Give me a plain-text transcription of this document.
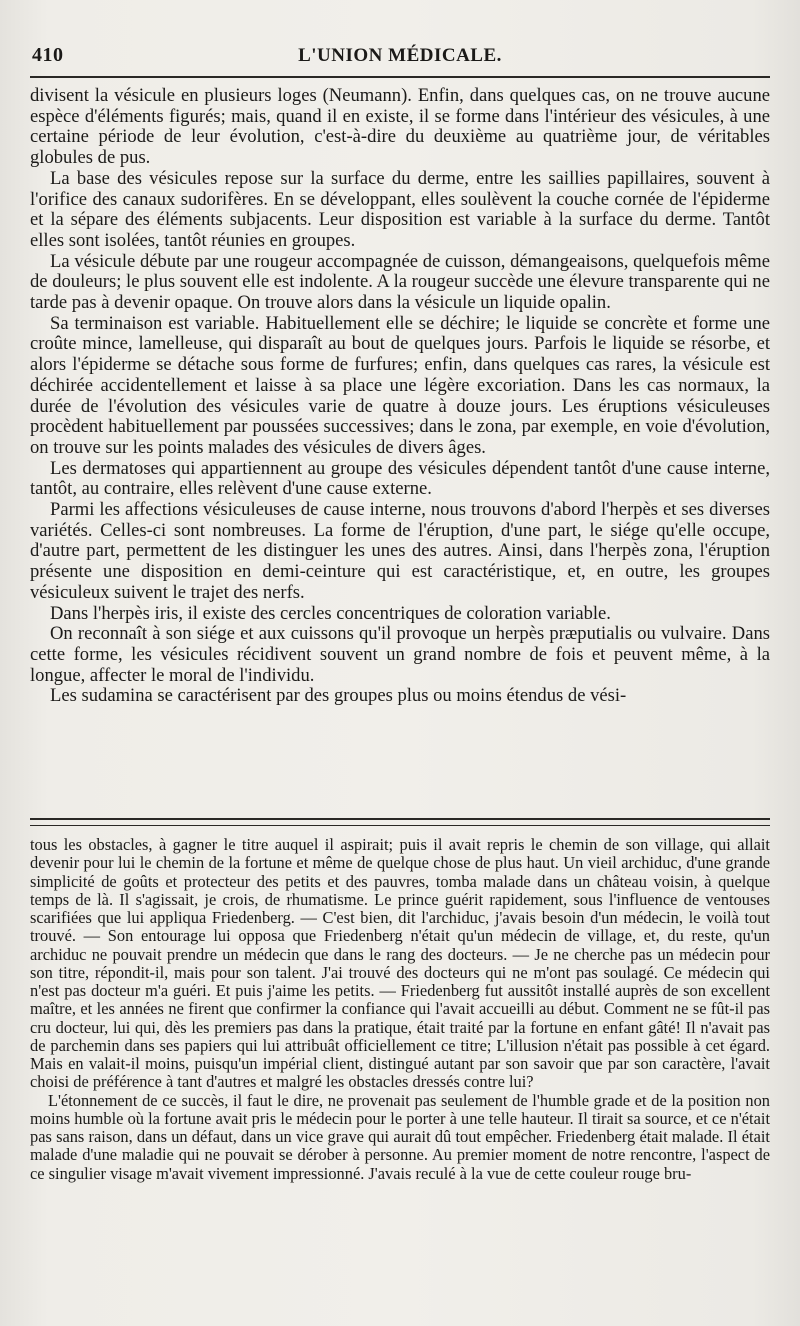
410	L'UNION MÉDICALE.

divisent la vésicule en plusieurs loges (Neumann). Enfin, dans quelques cas, on ne trouve aucune espèce d'éléments figurés; mais, quand il en existe, il se forme dans l'intérieur des vésicules, à une certaine période de leur évolution, c'est-à-dire du deuxième au quatrième jour, de véritables globules de pus.

La base des vésicules repose sur la surface du derme, entre les saillies papillaires, souvent à l'orifice des canaux sudorifères. En se développant, elles soulèvent la couche cornée de l'épiderme et la sépare des éléments subjacents. Leur disposition est variable à la surface du derme. Tantôt elles sont isolées, tantôt réunies en groupes.

La vésicule débute par une rougeur accompagnée de cuisson, démangeaisons, quelquefois même de douleurs; le plus souvent elle est indolente. A la rougeur succède une élevure transparente qui ne tarde pas à devenir opaque. On trouve alors dans la vésicule un liquide opalin.

Sa terminaison est variable. Habituellement elle se déchire; le liquide se concrète et forme une croûte mince, lamelleuse, qui disparaît au bout de quelques jours. Parfois le liquide se résorbe, et alors l'épiderme se détache sous forme de furfures; enfin, dans quelques cas rares, la vésicule est déchirée accidentellement et laisse à sa place une légère excoriation. Dans les cas normaux, la durée de l'évolution des vésicules varie de quatre à douze jours. Les éruptions vésiculeuses procèdent habituellement par poussées successives; dans le zona, par exemple, en voie d'évolution, on trouve sur les points malades des vésicules de divers âges.

Les dermatoses qui appartiennent au groupe des vésicules dépendent tantôt d'une cause interne, tantôt, au contraire, elles relèvent d'une cause externe.

Parmi les affections vésiculeuses de cause interne, nous trouvons d'abord l'herpès et ses diverses variétés. Celles-ci sont nombreuses. La forme de l'éruption, d'une part, le siége qu'elle occupe, d'autre part, permettent de les distinguer les unes des autres. Ainsi, dans l'herpès zona, l'éruption présente une disposition en demi-ceinture qui est caractéristique, et, en outre, les groupes vésiculeux suivent le trajet des nerfs.

Dans l'herpès iris, il existe des cercles concentriques de coloration variable.

On reconnaît à son siége et aux cuissons qu'il provoque un herpès præputialis ou vulvaire. Dans cette forme, les vésicules récidivent souvent un grand nombre de fois et peuvent même, à la longue, affecter le moral de l'individu.

Les sudamina se caractérisent par des groupes plus ou moins étendus de vési-

tous les obstacles, à gagner le titre auquel il aspirait; puis il avait repris le chemin de son village, qui allait devenir pour lui le chemin de la fortune et même de quelque chose de plus haut. Un vieil archiduc, d'une grande simplicité de goûts et protecteur des petits et des pauvres, tomba malade dans un château voisin, à quelque temps de là. Il s'agissait, je crois, de rhumatisme. Le prince guérit rapidement, sous l'influence de ventouses scarifiées que lui appliqua Friedenberg. — C'est bien, dit l'archiduc, j'avais besoin d'un médecin, le voilà tout trouvé. — Son entourage lui opposa que Friedenberg n'était qu'un médecin de village, et, du reste, qu'un archiduc ne pouvait prendre un médecin que dans le rang des docteurs. — Je ne cherche pas un médecin pour son titre, répondit-il, mais pour son talent. J'ai trouvé des docteurs qui ne m'ont pas soulagé. Ce médecin qui n'est pas docteur m'a guéri. Et puis j'aime les petits. — Friedenberg fut aussitôt installé auprès de son excellent maître, et les années ne firent que confirmer la confiance qui l'avait accueilli au début. Comment ne se fût-il pas cru docteur, lui qui, dès les premiers pas dans la pratique, était traité par la fortune en enfant gâté! Il n'avait pas de parchemin dans ses papiers qui lui attribuât officiellement ce titre; L'illusion n'était pas possible à cet égard. Mais en valait-il moins, puisqu'un impérial client, distingué autant par son savoir que par son caractère, l'avait choisi de préférence à tant d'autres et malgré les obstacles dressés contre lui?

L'étonnement de ce succès, il faut le dire, ne provenait pas seulement de l'humble grade et de la position non moins humble où la fortune avait pris le médecin pour le porter à une telle hauteur. Il tirait sa source, et ce n'était pas sans raison, dans un défaut, dans un vice grave qui aurait dû tout empêcher. Friedenberg était malade. Il était malade d'une maladie qui ne pouvait se dérober à personne. Au premier moment de notre rencontre, l'aspect de ce singulier visage m'avait vivement impressionné. J'avais reculé à la vue de cette couleur rouge bru-
